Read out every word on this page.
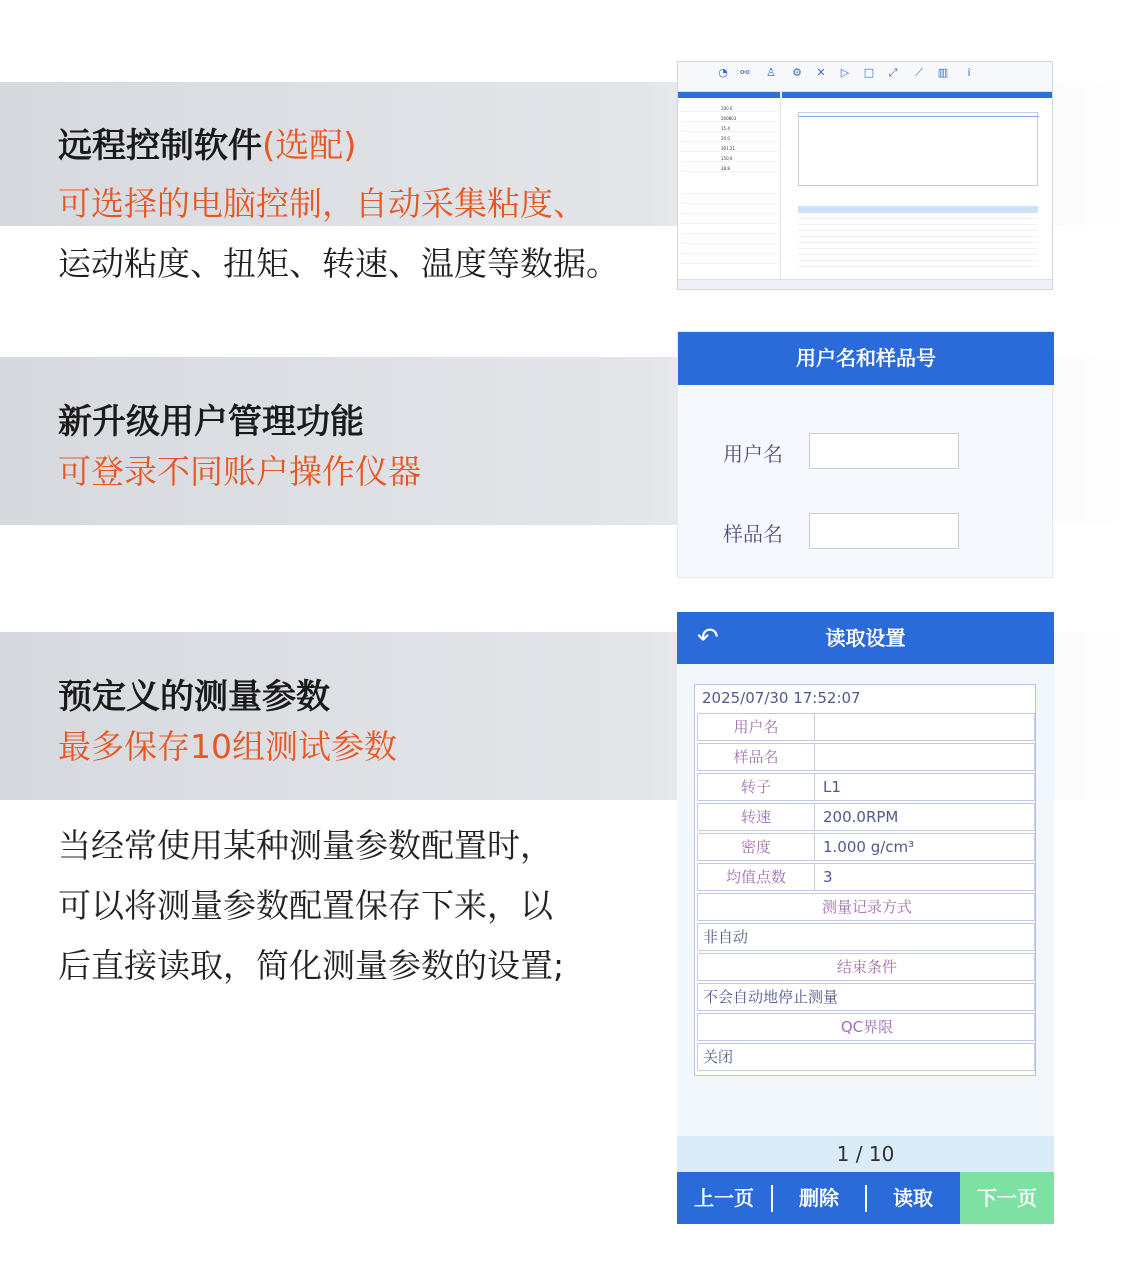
远程控制软件(选配)
可选择的电脑控制，自动采集粘度、
运动粘度、扭矩、转速、温度等数据。
◔ ⚯ ♙ ⚙ ✕ ▷ □ ⤢ ⟋ ▥	i
200.0
200803
15.4
20.0
301.21
150.0
28.8
新升级用户管理功能
可登录不同账户操作仪器
用户名和样品号
用户名
样品名
预定义的测量参数
最多保存10组测试参数
当经常使用某种测量参数配置时，
可以将测量参数配置保存下来，以
后直接读取，简化测量参数的设置;
↶	读取设置
2025/07/30 17:52:07
用户名
样品名
转子	L1
转速	200.0RPM
密度	1.000 g/cm³
均值点数	3
测量记录方式
非自动
结束条件
不会自动地停止测量
QC界限
关闭
1 / 10
上一页	删除	读取	下一页
